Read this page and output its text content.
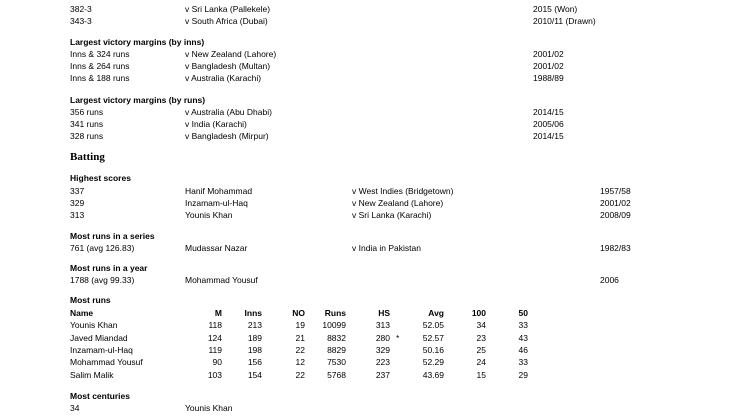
382-3	v Sri Lanka (Pallekele)	2015 (Won)
343-3	v South Africa (Dubai)	2010/11 (Drawn)
Largest victory margins (by inns)
Inns & 324 runs	v New Zealand (Lahore)	2001/02
Inns & 264 runs	v Bangladesh (Multan)	2001/02
Inns & 188 runs	v Australia (Karachi)	1988/89
Largest victory margins (by runs)
356 runs	v Australia (Abu Dhabi)	2014/15
341 runs	v India (Karachi)	2005/06
328 runs	v Bangladesh (Mirpur)	2014/15
Batting
Highest scores
337	Hanif Mohammad	v West Indies (Bridgetown)	1957/58
329	Inzamam-ul-Haq	v New Zealand (Lahore)	2001/02
313	Younis Khan	v Sri Lanka (Karachi)	2008/09
Most runs in a series
761 (avg 126.83)	Mudassar Nazar	v India in Pakistan	1982/83
Most runs in a year
1788 (avg 99.33)	Mohammad Yousuf	2006
Most runs
Name	M	Inns	NO	Runs	HS	Avg	100	50
Younis Khan	118	213	19	10099	313	52.05	34	33
Javed Miandad	124	189	21	8832	280 *	52.57	23	43
Inzamam-ul-Haq	119	198	22	8829	329	50.16	25	46
Mohammad Yousuf	90	156	12	7530	223	52.29	24	33
Salim Malik	103	154	22	5768	237	43.69	15	29
Most centuries
34	Younis Khan
